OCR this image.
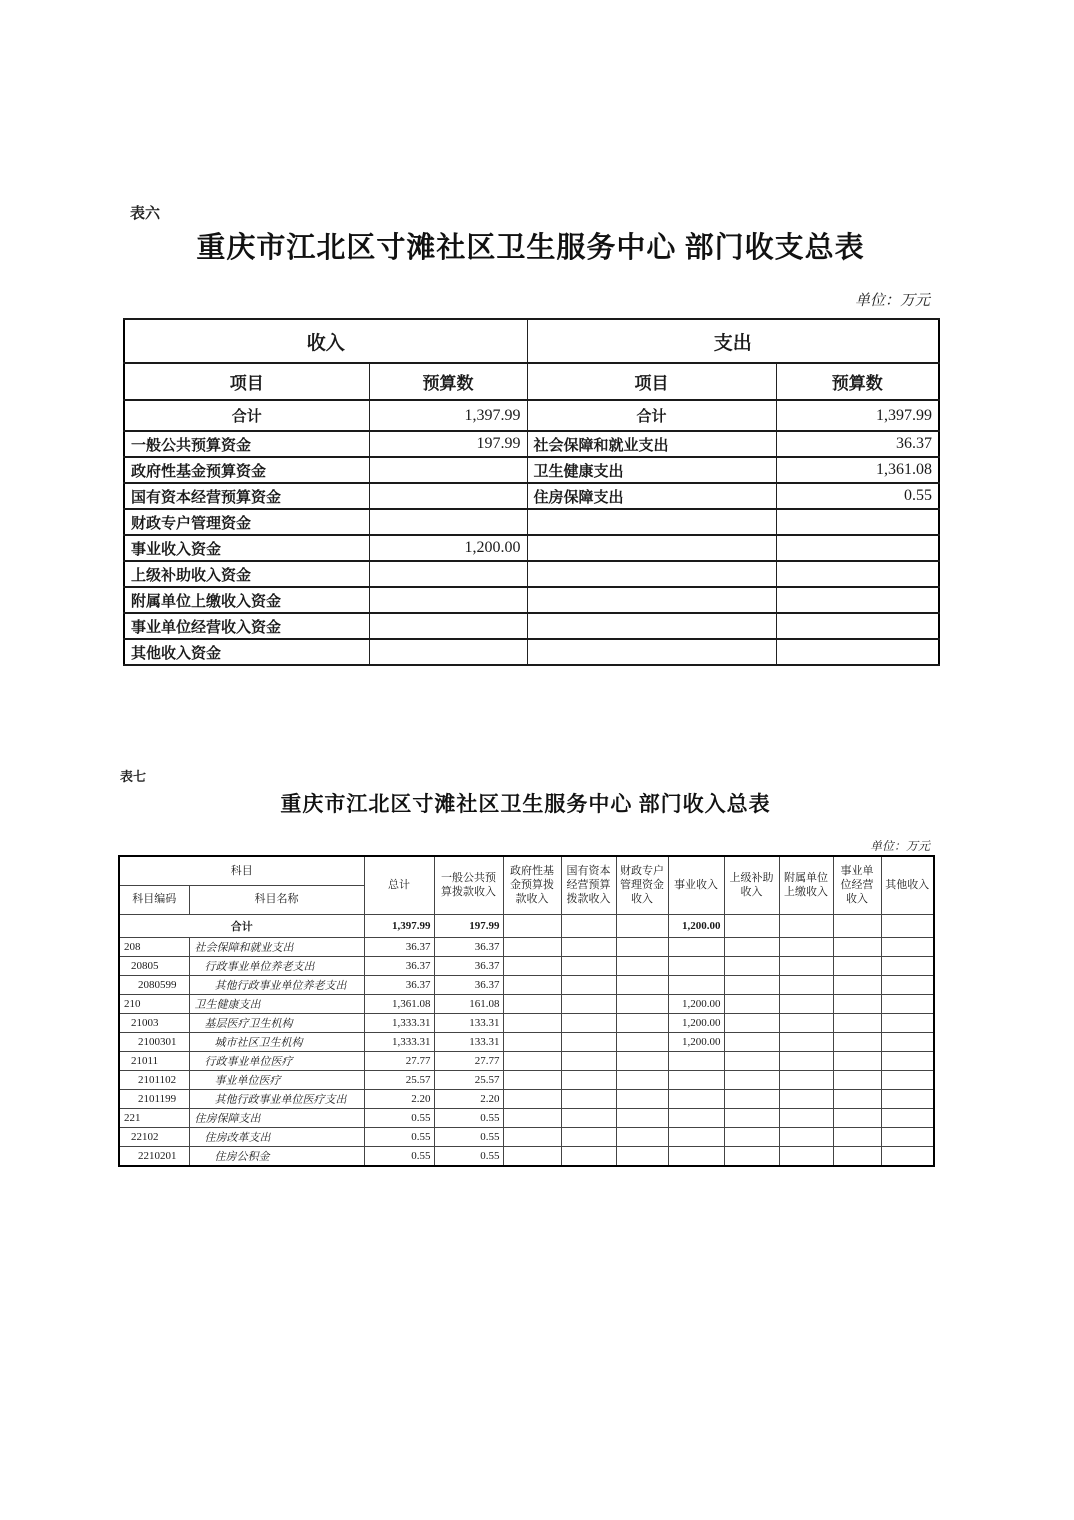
表六
重庆市江北区寸滩社区卫生服务中心 部门收支总表
单位：万元
收入		支出	
项目	预算数	项目	预算数
合计	1,397.99	合计	1,397.99
一般公共预算资金	197.99	社会保障和就业支出	36.37
政府性基金预算资金		卫生健康支出	1,361.08
国有资本经营预算资金		住房保障支出	0.55
财政专户管理资金			
事业收入资金	1,200.00		
上级补助收入资金			
附属单位上缴收入资金			
事业单位经营收入资金			
其他收入资金			
表七
重庆市江北区寸滩社区卫生服务中心 部门收入总表
单位：万元
科目		总计	一般公共预算拨款收入	政府性基金预算拨款收入	国有资本经营预算拨款收入	财政专户管理资金收入	事业收入	上级补助收入	附属单位上缴收入	事业单位经营收入	其他收入
科目编码	科目名称										
合计		1,397.99	197.99				1,200.00				
208	社会保障和就业支出	36.37	36.37								
20805	行政事业单位养老支出	36.37	36.37								
2080599	其他行政事业单位养老支出	36.37	36.37								
210	卫生健康支出	1,361.08	161.08				1,200.00				
21003	基层医疗卫生机构	1,333.31	133.31				1,200.00				
2100301	城市社区卫生机构	1,333.31	133.31				1,200.00				
21011	行政事业单位医疗	27.77	27.77								
2101102	事业单位医疗	25.57	25.57								
2101199	其他行政事业单位医疗支出	2.20	2.20								
221	住房保障支出	0.55	0.55								
22102	住房改革支出	0.55	0.55								
2210201	住房公积金	0.55	0.55								
